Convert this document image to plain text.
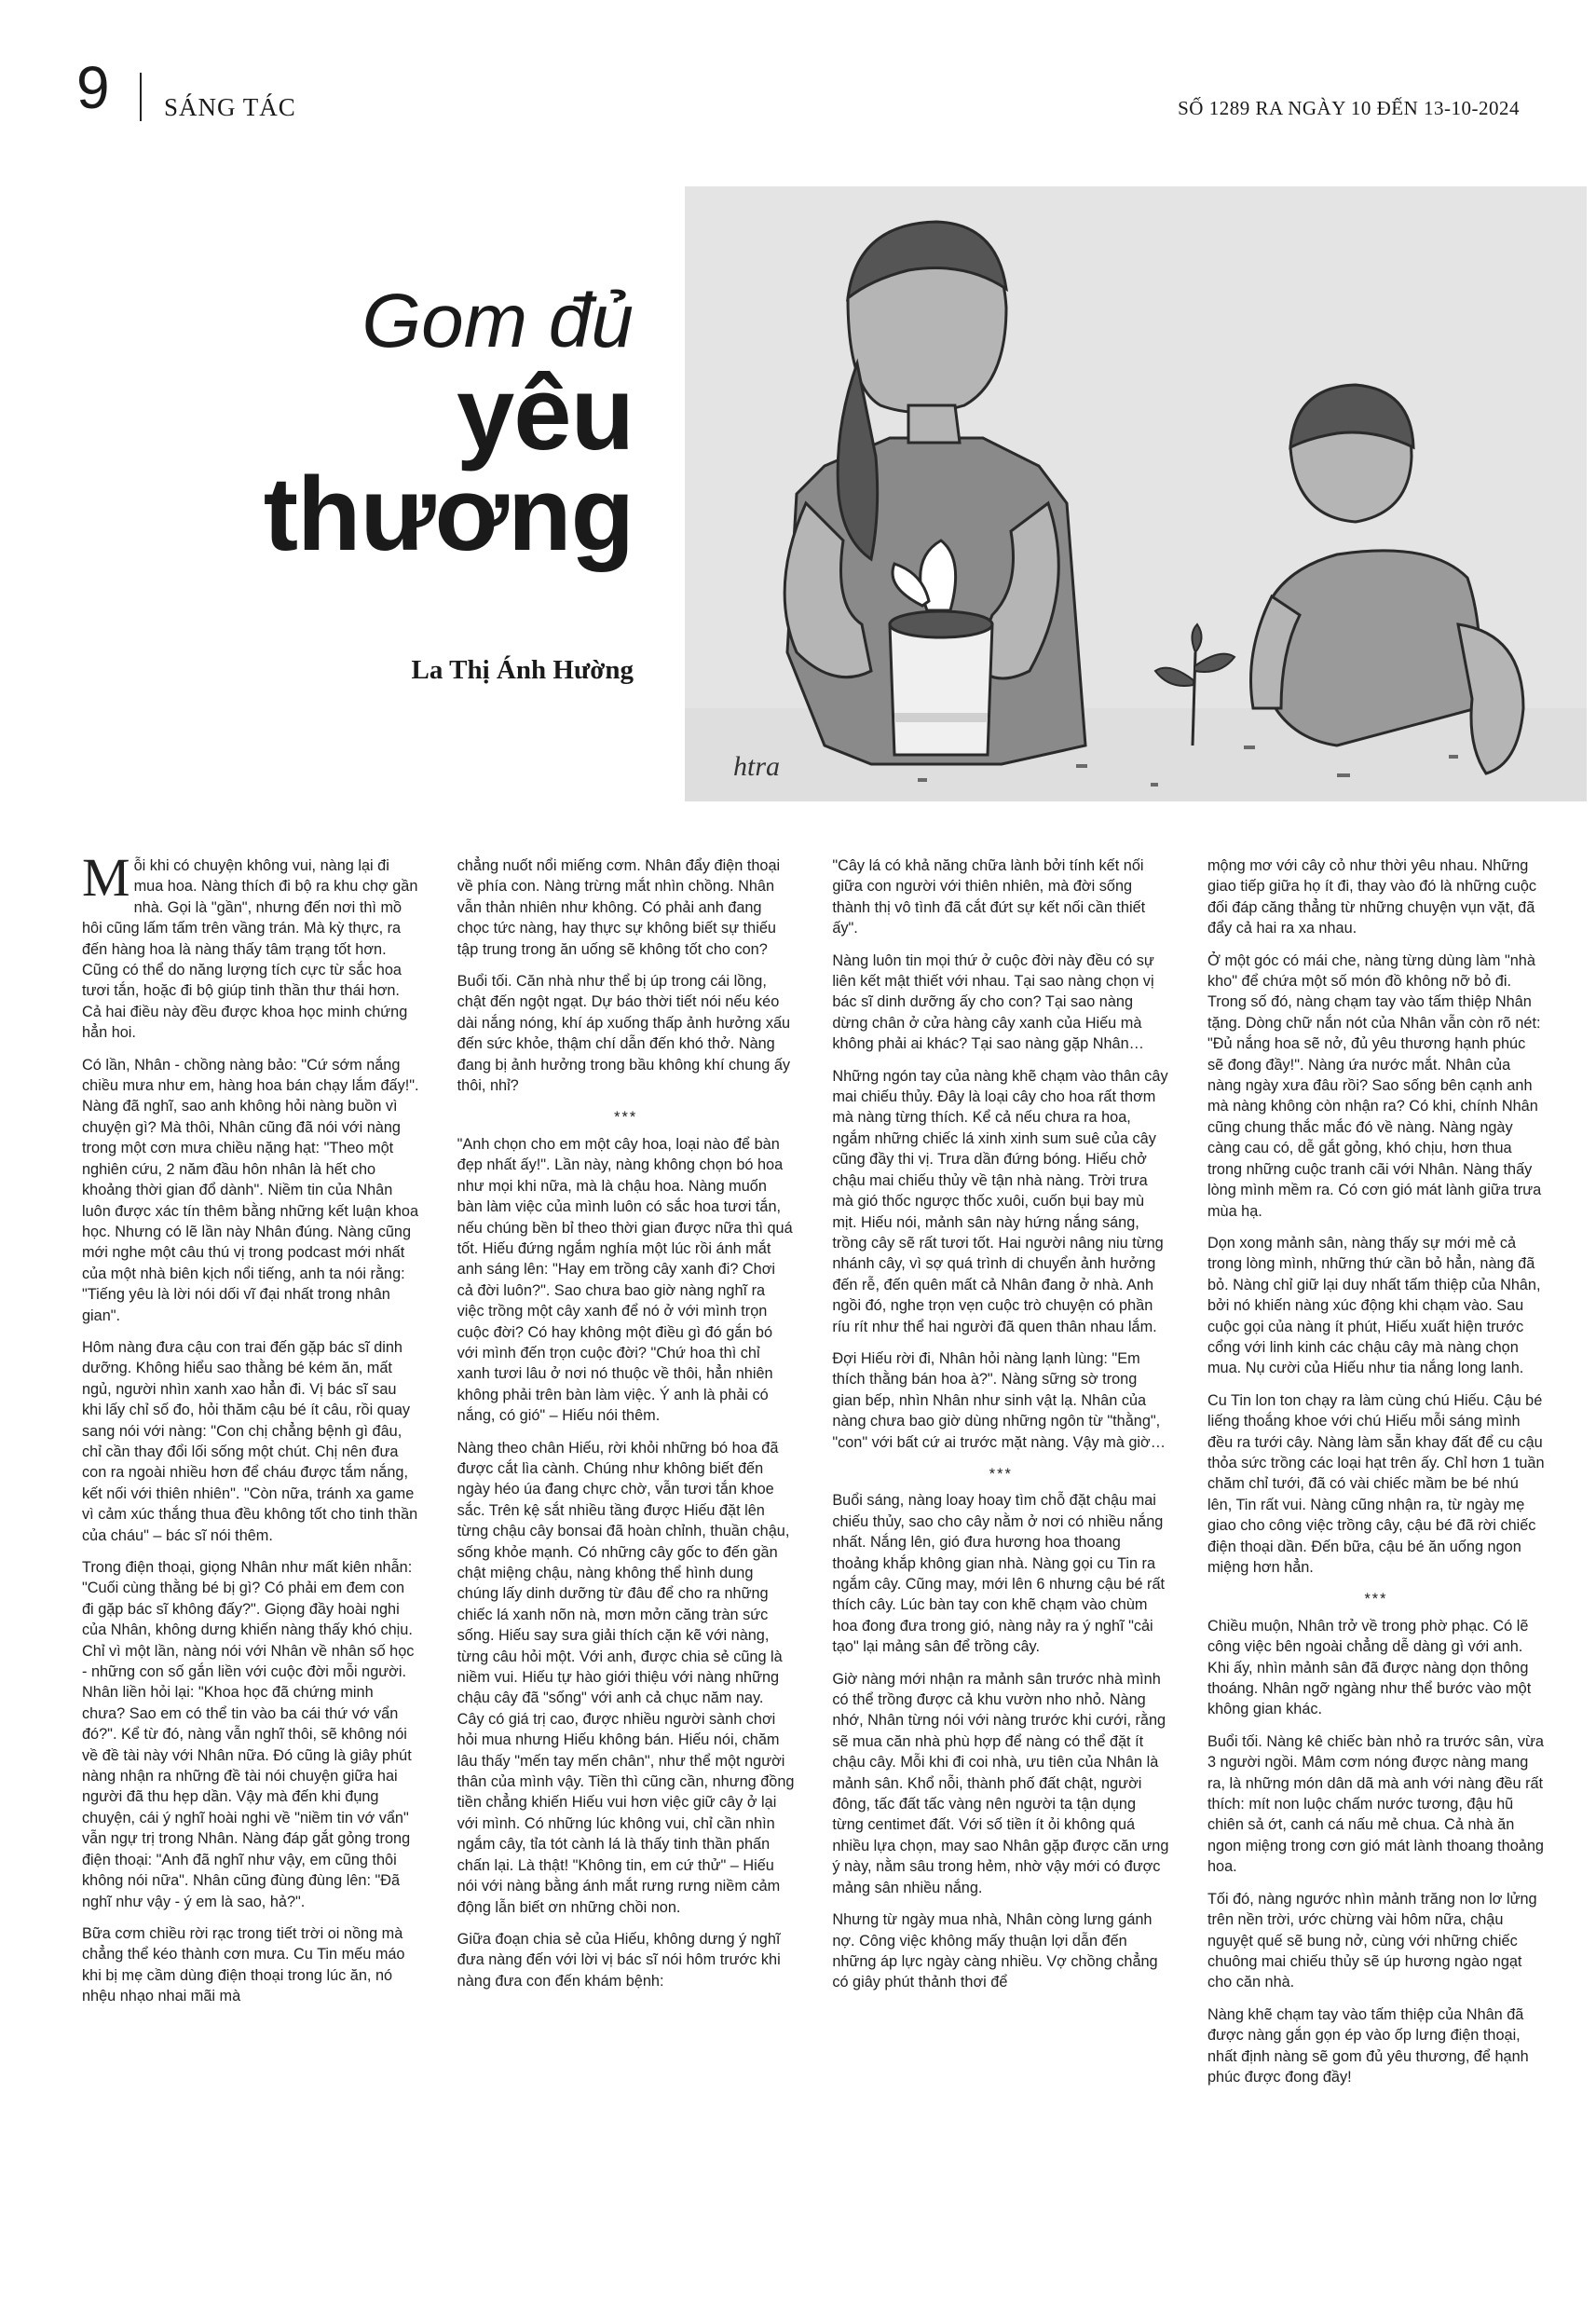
9 SÁNG TÁC	SỐ 1289 RA NGÀY 10 ĐẾN 13-10-2024
Gom đủ
yêu
thương
La Thị Ánh Hường
htra

Mỗi khi có chuyện không vui, nàng lại đi mua hoa. Nàng thích đi bộ ra khu chợ gần nhà. Gọi là "gần", nhưng đến nơi thì mồ hôi cũng lấm tấm trên vầng trán. Mà kỳ thực, ra đến hàng hoa là nàng thấy tâm trạng tốt hơn. Cũng có thể do năng lượng tích cực từ sắc hoa tươi tắn, hoặc đi bộ giúp tinh thần thư thái hơn. Cả hai điều này đều được khoa học minh chứng hẳn hoi.

Có lần, Nhân - chồng nàng bảo: "Cứ sớm nắng chiều mưa như em, hàng hoa bán chạy lắm đấy!". Nàng đã nghĩ, sao anh không hỏi nàng buồn vì chuyện gì? Mà thôi, Nhân cũng đã nói với nàng trong một cơn mưa chiều nặng hạt: "Theo một nghiên cứu, 2 năm đầu hôn nhân là hết cho khoảng thời gian đổ dành". Niềm tin của Nhân luôn được xác tín thêm bằng những kết luận khoa học. Nhưng có lẽ lần này Nhân đúng. Nàng cũng mới nghe một câu thú vị trong podcast mới nhất của một nhà biên kịch nổi tiếng, anh ta nói rằng: "Tiếng yêu là lời nói dối vĩ đại nhất trong nhân gian".

Hôm nàng đưa cậu con trai đến gặp bác sĩ dinh dưỡng. Không hiểu sao thằng bé kém ăn, mất ngủ, người nhìn xanh xao hẳn đi. Vị bác sĩ sau khi lấy chỉ số đo, hỏi thăm cậu bé ít câu, rồi quay sang nói với nàng: "Con chị chẳng bệnh gì đâu, chỉ cần thay đổi lối sống một chút. Chị nên đưa con ra ngoài nhiều hơn để cháu được tắm nắng, kết nối với thiên nhiên". "Còn nữa, tránh xa game vì cảm xúc thắng thua đều không tốt cho tinh thần của cháu" – bác sĩ nói thêm.

Trong điện thoại, giọng Nhân như mất kiên nhẫn: "Cuối cùng thằng bé bị gì? Có phải em đem con đi gặp bác sĩ không đấy?". Giọng đầy hoài nghi của Nhân, không dưng khiến nàng thấy khó chịu. Chỉ vì một lần, nàng nói với Nhân về nhân số học - những con số gắn liền với cuộc đời mỗi người. Nhân liền hỏi lại: "Khoa học đã chứng minh chưa? Sao em có thể tin vào ba cái thứ vớ vẩn đó?". Kể từ đó, nàng vẫn nghĩ thôi, sẽ không nói về đề tài này với Nhân nữa. Đó cũng là giây phút nàng nhận ra những đề tài nói chuyện giữa hai người đã thu hẹp dần. Vậy mà đến khi đụng chuyện, cái ý nghĩ hoài nghi về "niềm tin vớ vẩn" vẫn ngự trị trong Nhân. Nàng đáp gắt gỏng trong điện thoại: "Anh đã nghĩ như vậy, em cũng thôi không nói nữa". Nhân cũng đùng đùng lên: "Đã nghĩ như vậy - ý em là sao, hả?".

Bữa cơm chiều rời rạc trong tiết trời oi nồng mà chẳng thể kéo thành cơn mưa. Cu Tin mếu máo khi bị mẹ cầm dùng điện thoại trong lúc ăn, nó nhệu nhạo nhai mãi mà

chẳng nuốt nổi miếng cơm. Nhân đẩy điện thoại về phía con. Nàng trừng mắt nhìn chồng. Nhân vẫn thản nhiên như không. Có phải anh đang chọc tức nàng, hay thực sự không biết sự thiếu tập trung trong ăn uống sẽ không tốt cho con?

Buổi tối. Căn nhà như thể bị úp trong cái lồng, chật đến ngột ngạt. Dự báo thời tiết nói nếu kéo dài nắng nóng, khí áp xuống thấp ảnh hưởng xấu đến sức khỏe, thậm chí dẫn đến khó thở. Nàng đang bị ảnh hưởng trong bầu không khí chung ấy thôi, nhỉ?

***

"Anh chọn cho em một cây hoa, loại nào để bàn đẹp nhất ấy!". Lần này, nàng không chọn bó hoa như mọi khi nữa, mà là chậu hoa. Nàng muốn bàn làm việc của mình luôn có sắc hoa tươi tắn, nếu chúng bền bỉ theo thời gian được nữa thì quá tốt. Hiếu đứng ngắm nghía một lúc rồi ánh mắt anh sáng lên: "Hay em trồng cây xanh đi? Chơi cả đời luôn?". Sao chưa bao giờ nàng nghĩ ra việc trồng một cây xanh để nó ở với mình trọn cuộc đời? Có hay không một điều gì đó gắn bó với mình đến trọn cuộc đời? "Chứ hoa thì chỉ xanh tươi lâu ở nơi nó thuộc về thôi, hẳn nhiên không phải trên bàn làm việc. Ý anh là phải có nắng, có gió" – Hiếu nói thêm.

Nàng theo chân Hiếu, rời khỏi những bó hoa đã được cắt lìa cành. Chúng như không biết đến ngày héo úa đang chực chờ, vẫn tươi tắn khoe sắc. Trên kệ sắt nhiều tầng được Hiếu đặt lên từng chậu cây bonsai đã hoàn chỉnh, thuần chậu, sống khỏe mạnh. Có những cây gốc to đến gần chật miệng chậu, nàng không thể hình dung chúng lấy dinh dưỡng từ đâu để cho ra những chiếc lá xanh nõn nà, mơn mởn căng tràn sức sống. Hiếu say sưa giải thích cặn kẽ với nàng, từng câu hỏi một. Với anh, được chia sẻ cũng là niềm vui. Hiếu tự hào giới thiệu với nàng những chậu cây đã "sống" với anh cả chục năm nay. Cây có giá trị cao, được nhiều người sành chơi hỏi mua nhưng Hiếu không bán. Hiếu nói, chăm lâu thấy "mến tay mến chân", như thể một người thân của mình vậy. Tiền thì cũng cần, nhưng đồng tiền chẳng khiến Hiếu vui hơn việc giữ cây ở lại với mình. Có những lúc không vui, chỉ cần nhìn ngắm cây, tỉa tót cành lá là thấy tinh thần phấn chấn lại. Là thật! "Không tin, em cứ thử" – Hiếu nói với nàng bằng ánh mắt rưng rưng niềm cảm động lẫn biết ơn những chồi non.

Giữa đoạn chia sẻ của Hiếu, không dưng ý nghĩ đưa nàng đến với lời vị bác sĩ nói hôm trước khi nàng đưa con đến khám bệnh:

"Cây lá có khả năng chữa lành bởi tính kết nối giữa con người với thiên nhiên, mà đời sống thành thị vô tình đã cắt đứt sự kết nối cần thiết ấy".

Nàng luôn tin mọi thứ ở cuộc đời này đều có sự liên kết mật thiết với nhau. Tại sao nàng chọn vị bác sĩ dinh dưỡng ấy cho con? Tại sao nàng dừng chân ở cửa hàng cây xanh của Hiếu mà không phải ai khác? Tại sao nàng gặp Nhân…

Những ngón tay của nàng khẽ chạm vào thân cây mai chiếu thủy. Đây là loại cây cho hoa rất thơm mà nàng từng thích. Kể cả nếu chưa ra hoa, ngắm những chiếc lá xinh xinh sum suê của cây cũng đầy thi vị. Trưa dần đứng bóng. Hiếu chở chậu mai chiếu thủy về tận nhà nàng. Trời trưa mà gió thốc ngược thốc xuôi, cuốn bụi bay mù mịt. Hiếu nói, mảnh sân này hứng nắng sáng, trồng cây sẽ rất tươi tốt. Hai người nâng niu từng nhánh cây, vì sợ quá trình di chuyển ảnh hưởng đến rễ, đến quên mất cả Nhân đang ở nhà. Anh ngồi đó, nghe trọn vẹn cuộc trò chuyện có phần ríu rít như thể hai người đã quen thân nhau lắm.

Đợi Hiếu rời đi, Nhân hỏi nàng lạnh lùng: "Em thích thằng bán hoa à?". Nàng sững sờ trong gian bếp, nhìn Nhân như sinh vật lạ. Nhân của nàng chưa bao giờ dùng những ngôn từ "thằng", "con" với bất cứ ai trước mặt nàng. Vậy mà giờ…

***

Buổi sáng, nàng loay hoay tìm chỗ đặt chậu mai chiếu thủy, sao cho cây nằm ở nơi có nhiều nắng nhất. Nắng lên, gió đưa hương hoa thoang thoảng khắp không gian nhà. Nàng gọi cu Tin ra ngắm cây. Cũng may, mới lên 6 nhưng cậu bé rất thích cây. Lúc bàn tay con khẽ chạm vào chùm hoa đong đưa trong gió, nàng nảy ra ý nghĩ "cải tạo" lại mảng sân để trồng cây.

Giờ nàng mới nhận ra mảnh sân trước nhà mình có thể trồng được cả khu vườn nho nhỏ. Nàng nhớ, Nhân từng nói với nàng trước khi cưới, rằng sẽ mua căn nhà phù hợp để nàng có thể đặt ít chậu cây. Mỗi khi đi coi nhà, ưu tiên của Nhân là mảnh sân. Khổ nỗi, thành phố đất chật, người đông, tấc đất tấc vàng nên người ta tận dụng từng centimet đất. Với số tiền ít ỏi không quá nhiều lựa chọn, may sao Nhân gặp được căn ưng ý này, nằm sâu trong hẻm, nhờ vậy mới có được mảng sân nhiều nắng.

Nhưng từ ngày mua nhà, Nhân còng lưng gánh nợ. Công việc không mấy thuận lợi dẫn đến những áp lực ngày càng nhiều. Vợ chồng chẳng có giây phút thảnh thơi để

mộng mơ với cây cỏ như thời yêu nhau. Những giao tiếp giữa họ ít đi, thay vào đó là những cuộc đối đáp căng thẳng từ những chuyện vụn vặt, đã đẩy cả hai ra xa nhau.

Ở một góc có mái che, nàng từng dùng làm "nhà kho" để chứa một số món đồ không nỡ bỏ đi. Trong số đó, nàng chạm tay vào tấm thiệp Nhân tặng. Dòng chữ nắn nót của Nhân vẫn còn rõ nét: "Đủ nắng hoa sẽ nở, đủ yêu thương hạnh phúc sẽ đong đầy!". Nàng ứa nước mắt. Nhân của nàng ngày xưa đâu rồi? Sao sống bên cạnh anh mà nàng không còn nhận ra? Có khi, chính Nhân cũng chung thắc mắc đó về nàng. Nàng ngày càng cau có, dễ gắt gỏng, khó chịu, hơn thua trong những cuộc tranh cãi với Nhân. Nàng thấy lòng mình mềm ra. Có cơn gió mát lành giữa trưa mùa hạ.

Dọn xong mảnh sân, nàng thấy sự mới mẻ cả trong lòng mình, những thứ cần bỏ hẳn, nàng đã bỏ. Nàng chỉ giữ lại duy nhất tấm thiệp của Nhân, bởi nó khiến nàng xúc động khi chạm vào. Sau cuộc gọi của nàng ít phút, Hiếu xuất hiện trước cổng với linh kinh các chậu cây mà nàng chọn mua. Nụ cười của Hiếu như tia nắng long lanh.

Cu Tin lon ton chạy ra làm cùng chú Hiếu. Cậu bé liếng thoắng khoe với chú Hiếu mỗi sáng mình đều ra tưới cây. Nàng làm sẵn khay đất để cu cậu thỏa sức trồng các loại hạt trên ấy. Chỉ hơn 1 tuần chăm chỉ tưới, đã có vài chiếc mầm be bé nhú lên, Tin rất vui. Nàng cũng nhận ra, từ ngày mẹ giao cho công việc trồng cây, cậu bé đã rời chiếc điện thoại dần. Đến bữa, cậu bé ăn uống ngon miệng hơn hẳn.

***

Chiều muộn, Nhân trở về trong phờ phạc. Có lẽ công việc bên ngoài chẳng dễ dàng gì với anh. Khi ấy, nhìn mảnh sân đã được nàng dọn thông thoáng. Nhân ngỡ ngàng như thể bước vào một không gian khác.

Buổi tối. Nàng kê chiếc bàn nhỏ ra trước sân, vừa 3 người ngồi. Mâm cơm nóng được nàng mang ra, là những món dân dã mà anh với nàng đều rất thích: mít non luộc chấm nước tương, đậu hũ chiên sả ớt, canh cá nấu mẻ chua. Cả nhà ăn ngon miệng trong cơn gió mát lành thoang thoảng hoa.

Tối đó, nàng ngước nhìn mảnh trăng non lơ lửng trên nền trời, ước chừng vài hôm nữa, chậu nguyệt quế sẽ bung nở, cùng với những chiếc chuông mai chiếu thủy sẽ úp hương ngào ngạt cho căn nhà.

Nàng khẽ chạm tay vào tấm thiệp của Nhân đã được nàng gắn gọn ép vào ốp lưng điện thoại, nhất định nàng sẽ gom đủ yêu thương, để hạnh phúc được đong đầy!
